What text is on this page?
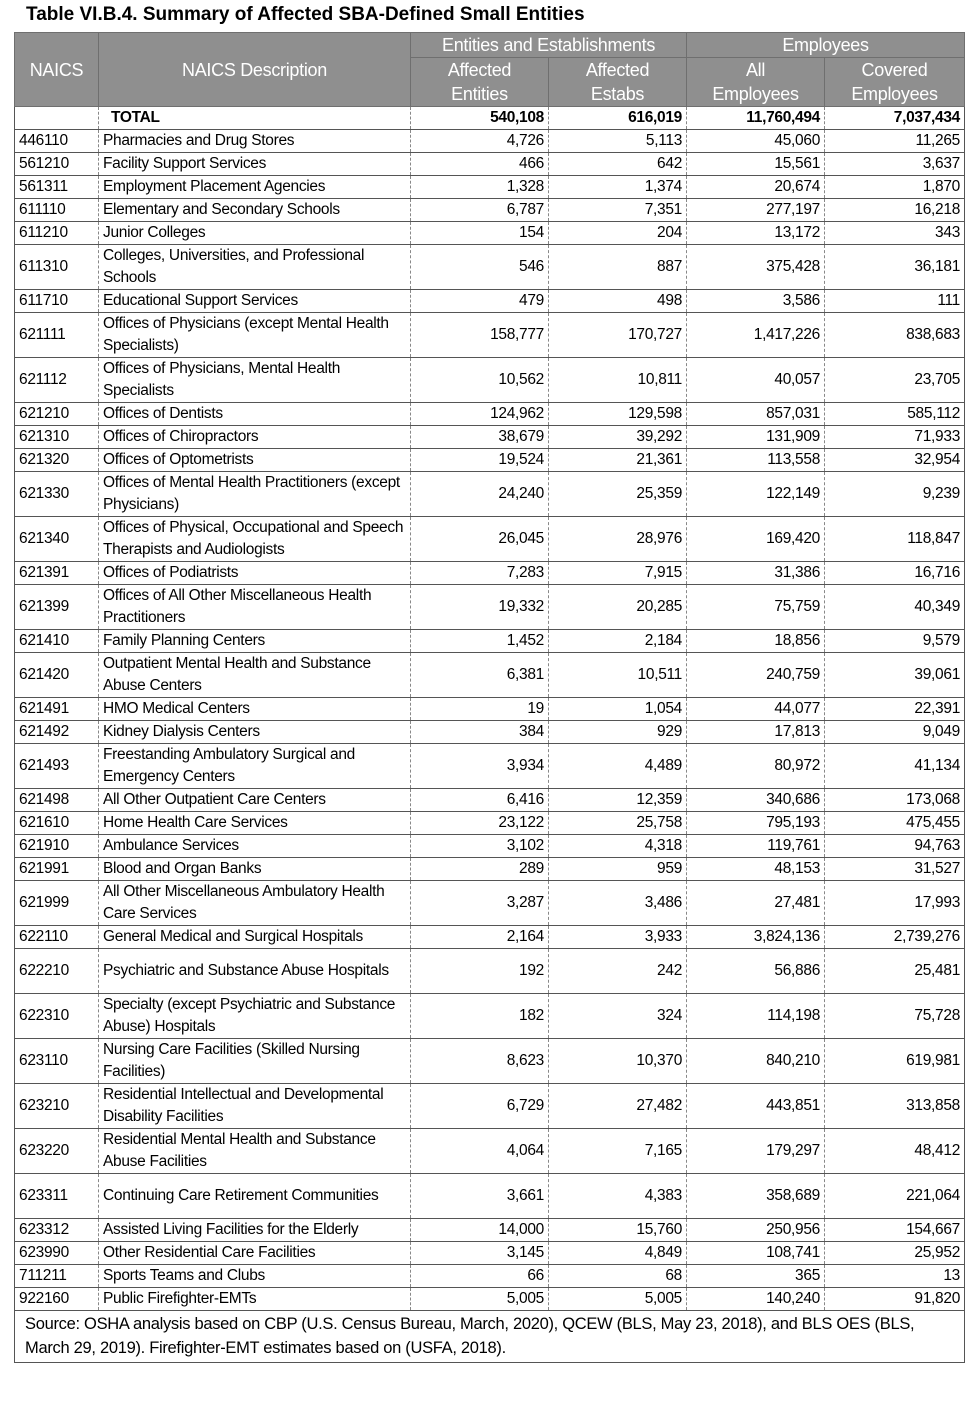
Table VI.B.4. Summary of Affected SBA-Defined Small Entities
NAICS	NAICS Description	Entities and Establishments		Employees	
		Affected	Affected	All	Covered
		Entities	Estabs	Employees	Employees
	TOTAL	540,108	616,019	11,760,494	7,037,434
446110	Pharmacies and Drug Stores	4,726	5,113	45,060	11,265
561210	Facility Support Services	466	642	15,561	3,637
561311	Employment Placement Agencies	1,328	1,374	20,674	1,870
611110	Elementary and Secondary Schools	6,787	7,351	277,197	16,218
611210	Junior Colleges	154	204	13,172	343
611310	Colleges, Universities, and Professional Schools	546	887	375,428	36,181
611710	Educational Support Services	479	498	3,586	111
621111	Offices of Physicians (except Mental Health Specialists)	158,777	170,727	1,417,226	838,683
621112	Offices of Physicians, Mental Health Specialists	10,562	10,811	40,057	23,705
621210	Offices of Dentists	124,962	129,598	857,031	585,112
621310	Offices of Chiropractors	38,679	39,292	131,909	71,933
621320	Offices of Optometrists	19,524	21,361	113,558	32,954
621330	Offices of Mental Health Practitioners (except Physicians)	24,240	25,359	122,149	9,239
621340	Offices of Physical, Occupational and Speech Therapists and Audiologists	26,045	28,976	169,420	118,847
621391	Offices of Podiatrists	7,283	7,915	31,386	16,716
621399	Offices of All Other Miscellaneous Health Practitioners	19,332	20,285	75,759	40,349
621410	Family Planning Centers	1,452	2,184	18,856	9,579
621420	Outpatient Mental Health and Substance Abuse Centers	6,381	10,511	240,759	39,061
621491	HMO Medical Centers	19	1,054	44,077	22,391
621492	Kidney Dialysis Centers	384	929	17,813	9,049
621493	Freestanding Ambulatory Surgical and Emergency Centers	3,934	4,489	80,972	41,134
621498	All Other Outpatient Care Centers	6,416	12,359	340,686	173,068
621610	Home Health Care Services	23,122	25,758	795,193	475,455
621910	Ambulance Services	3,102	4,318	119,761	94,763
621991	Blood and Organ Banks	289	959	48,153	31,527
621999	All Other Miscellaneous Ambulatory Health Care Services	3,287	3,486	27,481	17,993
622110	General Medical and Surgical Hospitals	2,164	3,933	3,824,136	2,739,276
622210	Psychiatric and Substance Abuse Hospitals	192	242	56,886	25,481
622310	Specialty (except Psychiatric and Substance Abuse) Hospitals	182	324	114,198	75,728
623110	Nursing Care Facilities (Skilled Nursing Facilities)	8,623	10,370	840,210	619,981
623210	Residential Intellectual and Developmental Disability Facilities	6,729	27,482	443,851	313,858
623220	Residential Mental Health and Substance Abuse Facilities	4,064	7,165	179,297	48,412
623311	Continuing Care Retirement Communities	3,661	4,383	358,689	221,064
623312	Assisted Living Facilities for the Elderly	14,000	15,760	250,956	154,667
623990	Other Residential Care Facilities	3,145	4,849	108,741	25,952
711211	Sports Teams and Clubs	66	68	365	13
922160	Public Firefighter-EMTs	5,005	5,005	140,240	91,820
Source: OSHA analysis based on CBP (U.S. Census Bureau, March, 2020), QCEW (BLS, May 23, 2018), and BLS OES (BLS, March 29, 2019). Firefighter-EMT estimates based on (USFA, 2018).					
